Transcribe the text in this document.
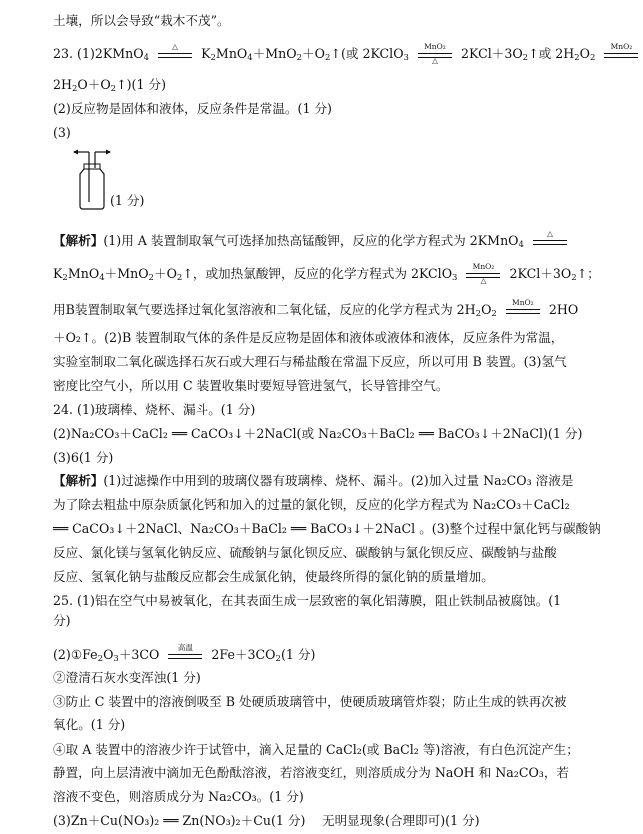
土壤，所以会导致“栽木不茂”。
23. (1)2KMnO$_4$
△	$K_2MnO_4+MnO_2+O_2↑$(或 2KClO$_3$
MnO₂
△	$2KCl+3O_2↑$或 $2H_2O_2$
MnO₂
$2H_2O+O_2↑)(1$ 分)
(2)反应物是固体和液体，反应条件是常温。(1 分)
(3)
(1 分)
【解析】(1)用 A 装置制取氧气可选择加热高锰酸钾，反应的化学方程式为 2KMnO$_4$
△
$K_2MnO_4+MnO_2+O_2↑$，或加热氯酸钾，反应的化学方程式为 2KClO$_3$
MnO₂
△	$2KCl+3O_2↑$；
用B装置制取氧气要选择过氧化氢溶液和二氧化锰，反应的化学方程式为 $2H_2O_2$
MnO₂	2HO
＋O₂↑。(2)B 装置制取气体的条件是反应物是固体和液体或液体和液体，反应条件为常温，
实验室制取二氧化碳选择石灰石或大理石与稀盐酸在常温下反应，所以可用 B 装置。(3)氢气
密度比空气小，所以用 C 装置收集时要短导管进氢气，长导管排空气。
24. (1)玻璃棒、烧杯、漏斗。(1 分)
(2)Na₂CO₃＋CaCl₂ ══ CaCO₃↓＋2NaCl(或 Na₂CO₃＋BaCl₂ ══ BaCO₃↓＋2NaCl)(1 分)
(3)6(1 分)
【解析】(1)过滤操作中用到的玻璃仪器有玻璃棒、烧杯、漏斗。(2)加入过量 Na₂CO₃ 溶液是
为了除去粗盐中原杂质氯化钙和加入的过量的氯化钡，反应的化学方程式为 Na₂CO₃＋CaCl₂
══ CaCO₃↓＋2NaCl、Na₂CO₃＋BaCl₂ ══ BaCO₃↓＋2NaCl 。(3)整个过程中氯化钙与碳酸钠
反应、氯化镁与氢氧化钠反应、硫酸钠与氯化钡反应、碳酸钠与氯化钡反应、碳酸钠与盐酸
反应、氢氧化钠与盐酸反应都会生成氯化钠，使最终所得的氯化钠的质量增加。
25. (1)铝在空气中易被氧化，在其表面生成一层致密的氧化铝薄膜，阻止铁制品被腐蚀。(1
分)
$(2)①Fe_2O_3+3CO$	高温	$2Fe+3CO_2(1$ 分)
②澄清石灰水变浑浊(1 分)
③防止 C 装置中的溶液倒吸至 B 处硬质玻璃管中，使硬质玻璃管炸裂；防止生成的铁再次被
氧化。(1 分)
④取 A 装置中的溶液少许于试管中，滴入足量的 CaCl₂(或 BaCl₂ 等)溶液，有白色沉淀产生；
静置，向上层清液中滴加无色酚酞溶液，若溶液变红，则溶质成分为 NaOH 和 Na₂CO₃，若
溶液不变色，则溶质成分为 Na₂CO₃。(1 分)
(3)Zn＋Cu(NO₃)₂ ══ Zn(NO₃)₂＋Cu(1 分)　 无明显现象(合理即可)(1 分)
